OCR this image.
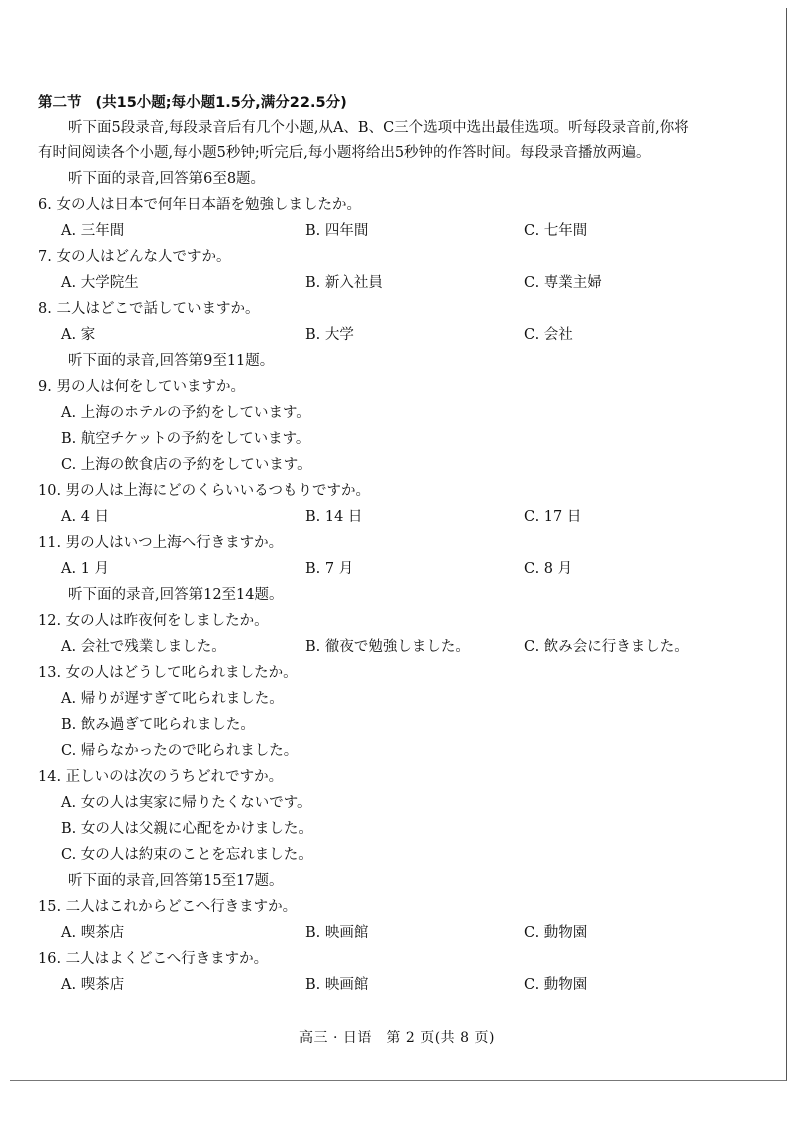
第二节 (共15小题;每小题1.5分,满分22.5分)
听下面5段录音,每段录音后有几个小题,从A、B、C三个选项中选出最佳选项。听每段录音前,你将有时间阅读各个小题,每小题5秒钟;听完后,每小题将给出5秒钟的作答时间。每段录音播放两遍。
听下面的录音,回答第6至8题。
6. 女の人は日本で何年日本語を勉強しましたか。
A. 三年間	B. 四年間	C. 七年間
7. 女の人はどんな人ですか。
A. 大学院生	B. 新入社員	C. 専業主婦
8. 二人はどこで話していますか。
A. 家	B. 大学	C. 会社
听下面的录音,回答第9至11题。
9. 男の人は何をしていますか。
A. 上海のホテルの予約をしています。
B. 航空チケットの予約をしています。
C. 上海の飲食店の予約をしています。
10. 男の人は上海にどのくらいいるつもりですか。
A. 4 日	B. 14 日	C. 17 日
11. 男の人はいつ上海へ行きますか。
A. 1 月	B. 7 月	C. 8 月
听下面的录音,回答第12至14题。
12. 女の人は昨夜何をしましたか。
A. 会社で残業しました。	B. 徹夜で勉強しました。	C. 飲み会に行きました。
13. 女の人はどうして叱られましたか。
A. 帰りが遅すぎて叱られました。
B. 飲み過ぎて叱られました。
C. 帰らなかったので叱られました。
14. 正しいのは次のうちどれですか。
A. 女の人は実家に帰りたくないです。
B. 女の人は父親に心配をかけました。
C. 女の人は約束のことを忘れました。
听下面的录音,回答第15至17题。
15. 二人はこれからどこへ行きますか。
A. 喫茶店	B. 映画館	C. 動物園
16. 二人はよくどこへ行きますか。
A. 喫茶店	B. 映画館	C. 動物園
高三 · 日语　第 2 页(共 8 页)
